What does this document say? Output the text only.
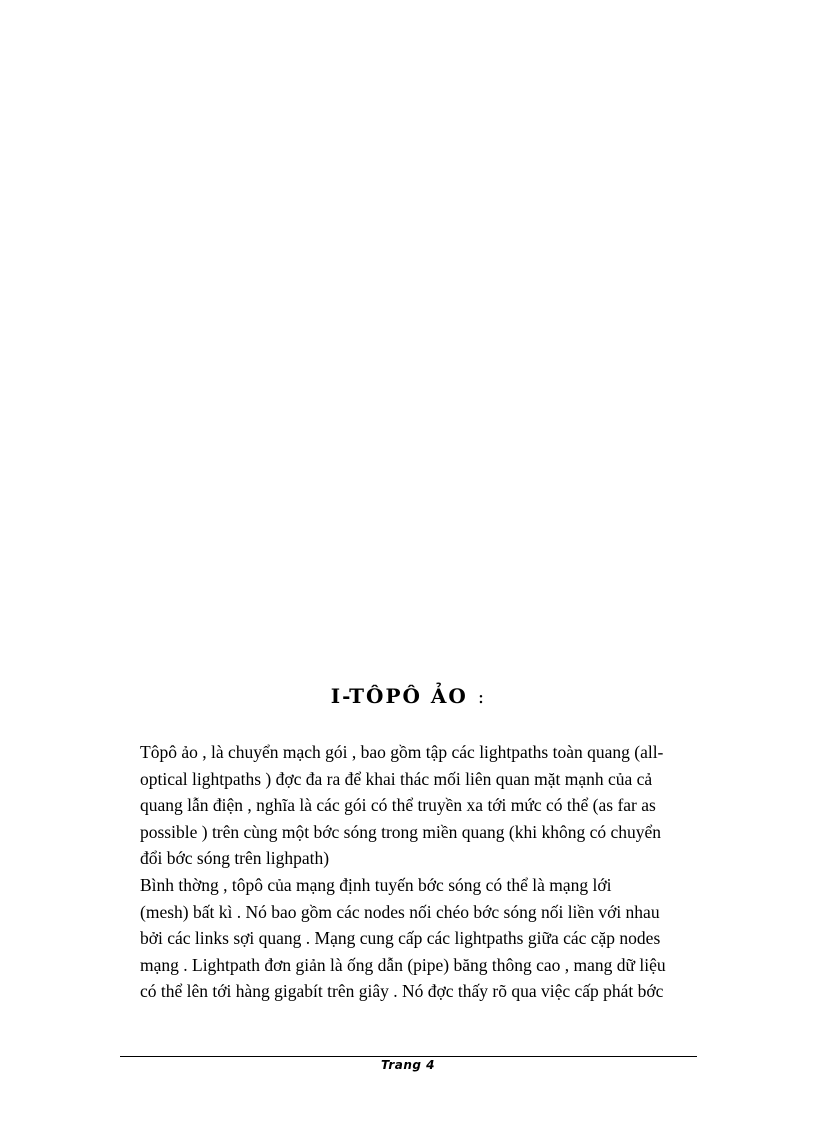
I-TÔPÔ ẢO :

Tôpô ảo , là chuyển mạch gói , bao gồm tập các lightpaths toàn quang (all-
optical lightpaths ) đợc đa ra để khai thác mối liên quan mặt mạnh của cả
quang lẫn điện , nghĩa là các gói có thể truyền xa tới mức có thể (as far as
possible ) trên cùng một bớc sóng trong miền quang (khi không có chuyển
đổi bớc sóng trên lighpath)

Bình thờng , tôpô của mạng định tuyến bớc sóng có thể là mạng lới
(mesh) bất kì . Nó bao gồm các nodes nối chéo bớc sóng nối liền với nhau
bởi các links sợi quang . Mạng cung cấp các lightpaths giữa các cặp nodes
mạng . Lightpath đơn giản là ống dẫn (pipe) băng thông cao , mang dữ liệu
có thể lên tới hàng gigabít trên giây . Nó đợc thấy rõ qua việc cấp phát bớc

Trang 4
